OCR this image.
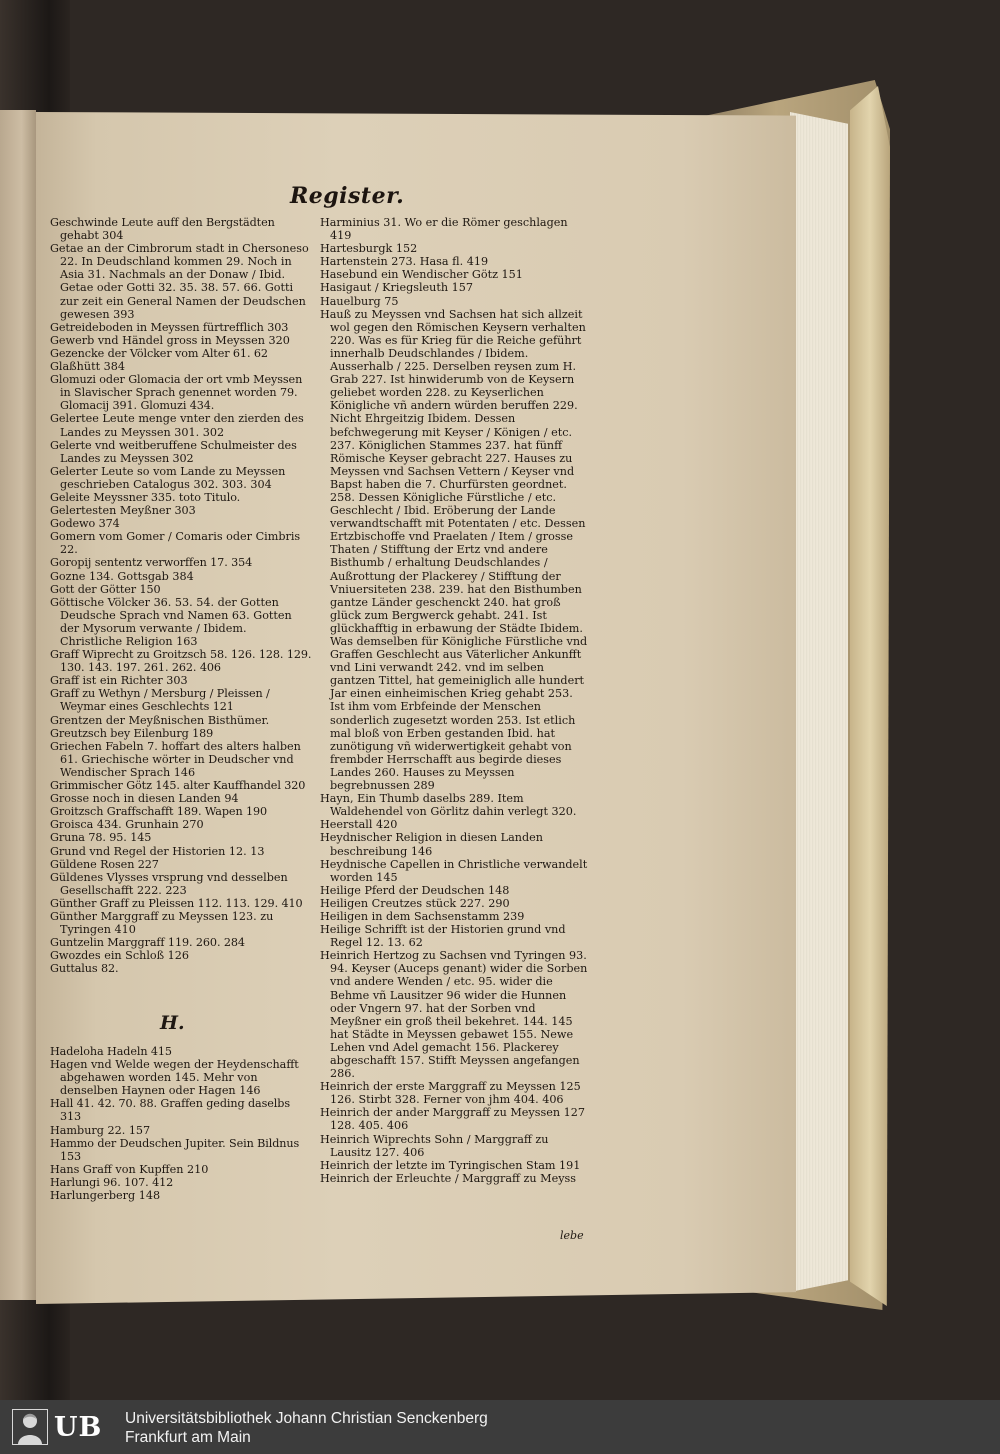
Register.
Geschwinde Leute auff den Bergstädten gehabt 304
Getae an der Cimbrorum stadt in Chersoneso 22. In Deudschland kommen 29. Noch in Asia 31. Nachmals an der Donaw / Ibid. Getae oder Gotti 32. 35. 38. 57. 66. Gotti zur zeit ein General Namen der Deudschen gewesen 393
Getreideboden in Meyssen fürtrefflich 303
Gewerb vnd Händel gross in Meyssen 320
Gezencke der Völcker vom Alter 61. 62
Glaßhütt 384
Glomuzi oder Glomacia der ort vmb Meyssen in Slavischer Sprach genennet worden 79. Glomacij 391. Glomuzi 434.
Gelertee Leute menge vnter den zierden des Landes zu Meyssen 301. 302
Gelerte vnd weitberuffene Schulmeister des Landes zu Meyssen 302
Gelerter Leute so vom Lande zu Meyssen geschrieben Catalogus 302. 303. 304
Geleite Meyssner 335. toto Titulo.
Gelertesten Meyßner 303
Godewo 374
Gomern vom Gomer / Comaris oder Cimbris 22.
Goropij sententz verworffen 17. 354
Gozne 134. Gottsgab 384
Gott der Götter 150
Göttische Völcker 36. 53. 54. der Gotten Deudsche Sprach vnd Namen 63. Gotten der Mysorum verwante / Ibidem. Christliche Religion 163
Graff Wiprecht zu Groitzsch 58. 126. 128. 129. 130. 143. 197. 261. 262. 406
Graff ist ein Richter 303
Graff zu Wethyn / Mersburg / Pleissen / Weymar eines Geschlechts 121
Grentzen der Meyßnischen Bisthümer.
Greutzsch bey Eilenburg 189
Griechen Fabeln 7. hoffart des alters halben 61. Griechische wörter in Deudscher vnd Wendischer Sprach 146
Grimmischer Götz 145. alter Kauffhandel 320
Grosse noch in diesen Landen 94
Groitzsch Graffschafft 189. Wapen 190
Groisca 434. Grunhain 270
Gruna 78. 95. 145
Grund vnd Regel der Historien 12. 13
Güldene Rosen 227
Güldenes Vlysses vrsprung vnd desselben Gesellschafft 222. 223
Günther Graff zu Pleissen 112. 113. 129. 410
Günther Marggraff zu Meyssen 123. zu Tyringen 410
Guntzelin Marggraff 119. 260. 284
Gwozdes ein Schloß 126
Guttalus 82.

H.

Hadeloha Hadeln 415
Hagen vnd Welde wegen der Heydenschafft abgehawen worden 145. Mehr von denselben Haynen oder Hagen 146
Hall 41. 42. 70. 88. Graffen geding daselbs 313
Hamburg 22. 157
Hammo der Deudschen Jupiter. Sein Bildnus 153
Hans Graff von Kupffen 210
Harlungi 96. 107. 412
Harlungerberg 148
Harminius 31. Wo er die Römer geschlagen 419
Hartesburgk 152
Hartenstein 273. Hasa fl. 419
Hasebund ein Wendischer Götz 151
Hasigaut / Kriegsleuth 157
Hauelburg 75
Hauß zu Meyssen vnd Sachsen hat sich allzeit wol gegen den Römischen Keysern verhalten 220. Was es für Krieg für die Reiche geführt innerhalb Deudschlandes / Ibidem. Ausserhalb / 225. Derselben reysen zum H. Grab 227. Ist hinwiderumb von de Keysern geliebet worden 228. zu Keyserlichen Königliche vñ andern würden beruffen 229. Nicht Ehrgeitzig Ibidem. Dessen befchwegerung mit Keyser / Königen / etc. 237. Königlichen Stammes 237. hat fünff Römische Keyser gebracht 227. Hauses zu Meyssen vnd Sachsen Vettern / Keyser vnd Bapst haben die 7. Churfürsten geordnet. 258. Dessen Königliche Fürstliche / etc. Geschlecht / Ibid. Eröberung der Lande verwandtschafft mit Potentaten / etc. Dessen Ertzbischoffe vnd Praelaten / Item / grosse Thaten / Stifftung der Ertz vnd andere Bisthumb / erhaltung Deudschlandes / Außrottung der Plackerey / Stifftung der Vniuersiteten 238. 239. hat den Bisthumben gantze Länder geschenckt 240. hat groß glück zum Bergwerck gehabt. 241. Ist glückhafftig in erbawung der Städte Ibidem. Was demselben für Königliche Fürstliche vnd Graffen Geschlecht aus Väterlicher Ankunfft vnd Lini verwandt 242. vnd im selben gantzen Tittel, hat gemeiniglich alle hundert Jar einen einheimischen Krieg gehabt 253. Ist ihm vom Erbfeinde der Menschen sonderlich zugesetzt worden 253. Ist etlich mal bloß von Erben gestanden Ibid. hat zunötigung vñ widerwertigkeit gehabt von frembder Herrschafft aus begirde dieses Landes 260. Hauses zu Meyssen begrebnussen 289
Hayn, Ein Thumb daselbs 289. Item Waldehendel von Görlitz dahin verlegt 320.
Heerstall 420
Heydnischer Religion in diesen Landen beschreibung 146
Heydnische Capellen in Christliche verwandelt worden 145
Heilige Pferd der Deudschen 148
Heiligen Creutzes stück 227. 290
Heiligen in dem Sachsenstamm 239
Heilige Schrifft ist der Historien grund vnd Regel 12. 13. 62
Heinrich Hertzog zu Sachsen vnd Tyringen 93. 94. Keyser (Auceps genant) wider die Sorben vnd andere Wenden / etc. 95. wider die Behme vñ Lausitzer 96 wider die Hunnen oder Vngern 97. hat der Sorben vnd Meyßner ein groß theil bekehret. 144. 145 hat Städte in Meyssen gebawet 155. Newe Lehen vnd Adel gemacht 156. Plackerey abgeschafft 157. Stifft Meyssen angefangen 286.
Heinrich der erste Marggraff zu Meyssen 125 126. Stirbt 328. Ferner von jhm 404. 406
Heinrich der ander Marggraff zu Meyssen 127 128. 405. 406
Heinrich Wiprechts Sohn / Marggraff zu Lausitz 127. 406
Heinrich der letzte im Tyringischen Stam 191
Heinrich der Erleuchte / Marggraff zu Meyss

lebe

UB Universitätsbibliothek Johann Christian Senckenberg
Frankfurt am Main
